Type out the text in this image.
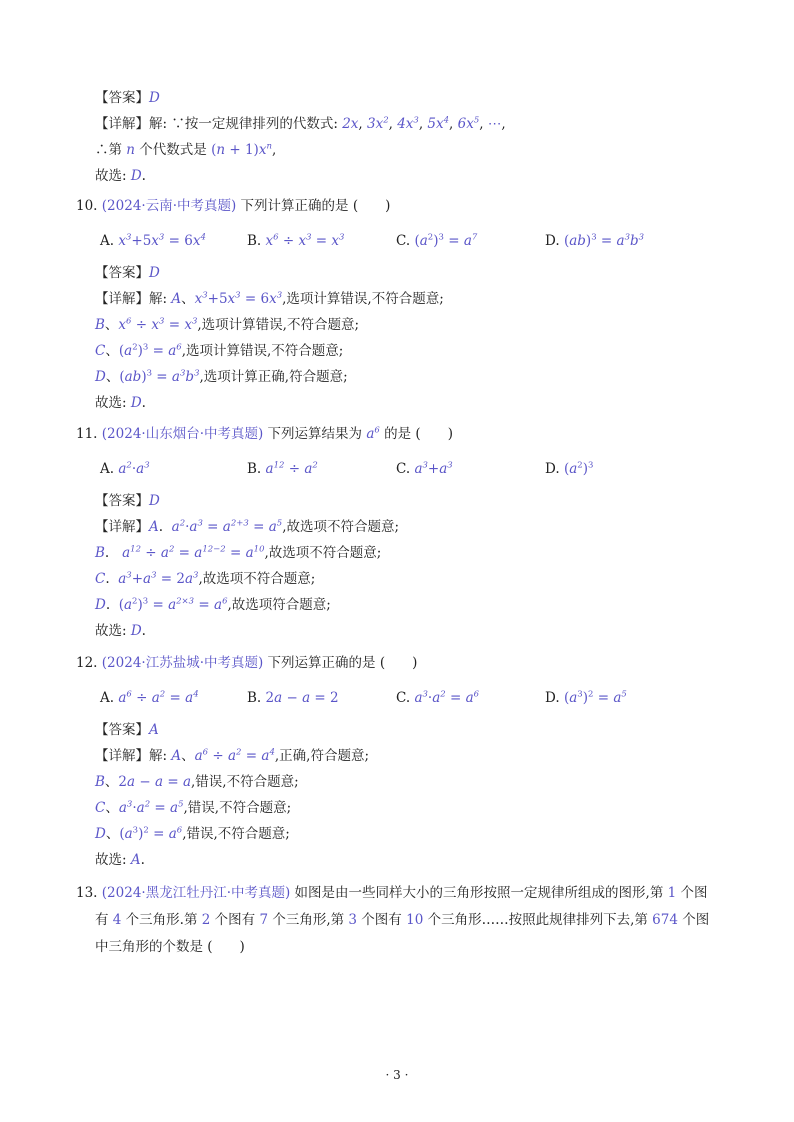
【答案】D
【详解】解: ∵按一定规律排列的代数式: 2x, $3x^2$, $4x^3$, $5x^4$, $6x^5$, ⋯,
∴第 n 个代数式是 $(n + 1)x^n$,
故选: D.
10. (2024·云南·中考真题) 下列计算正确的是 (　　)
A. $x^3+5x^3 = 6x^4$	B. $x^6 \div x^3 = x^3$	C. $(a^2)^3 = a^7$	D. $(ab)^3 = a^3b^3$
【答案】D
【详解】解: A、$x^3+5x^3 = 6x^3$,选项计算错误,不符合题意;
B、$x^6 \div x^3 = x^3$,选项计算错误,不符合题意;
C、$(a^2)^3 = a^6$,选项计算错误,不符合题意;
D、$(ab)^3 = a^3b^3$,选项计算正确,符合题意;
故选: D.
11. (2024·山东烟台·中考真题) 下列运算结果为 $a^6$ 的是 (　　)
A. $a^2\cdot a^3$	B. $a^{12} \div a^2$	C. $a^3+a^3$	D. $(a^2)^3$
【答案】D
【详解】A.  $a^2\cdot a^3 = a^{2+3} = a^5$,故选项不符合题意;
B.   $a^{12} \div a^2 = a^{12-2} = a^{10}$,故选项不符合题意;
C.  $a^3+a^3 = 2a^3$,故选项不符合题意;
D.  $(a^2)^3 = a^{2\times 3} = a^6$,故选项符合题意;
故选: D.
12. (2024·江苏盐城·中考真题) 下列运算正确的是 (　　)
A. $a^6 \div a^2 = a^4$	B. 2a − a = 2	C. $a^3\cdot a^2 = a^6$	D. $(a^3)^2 = a^5$
【答案】A
【详解】解: A、$a^6 \div a^2 = a^4$,正确,符合题意;
B、2a − a = a,错误,不符合题意;
C、$a^3\cdot a^2 = a^5$,错误,不符合题意;
D、$(a^3)^2 = a^6$,错误,不符合题意;
故选: A.
13. (2024·黑龙江牡丹江·中考真题) 如图是由一些同样大小的三角形按照一定规律所组成的图形,第 1 个图
有 4 个三角形.第 2 个图有 7 个三角形,第 3 个图有 10 个三角形……按照此规律排列下去,第 674 个图
中三角形的个数是 (　　)
· 3 ·
